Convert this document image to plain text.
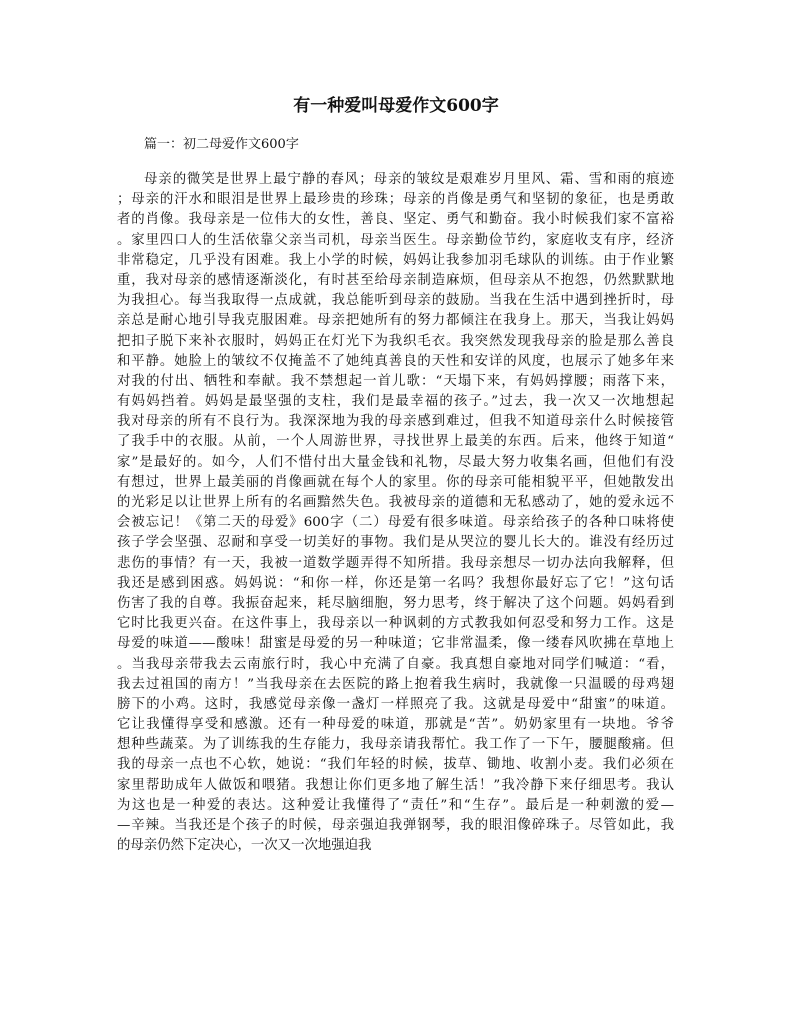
有一种爱叫母爱作文600字

篇一：初二母爱作文600字

母亲的微笑是世界上最宁静的春风；母亲的皱纹是艰难岁月里风、霜、雪和雨的痕迹
；母亲的汗水和眼泪是世界上最珍贵的珍珠；母亲的肖像是勇气和坚韧的象征，也是勇敢
者的肖像。我母亲是一位伟大的女性，善良、坚定、勇气和勤奋。我小时候我们家不富裕
。家里四口人的生活依靠父亲当司机，母亲当医生。母亲勤俭节约，家庭收支有序，经济
非常稳定，几乎没有困难。我上小学的时候，妈妈让我参加羽毛球队的训练。由于作业繁
重，我对母亲的感情逐渐淡化，有时甚至给母亲制造麻烦，但母亲从不抱怨，仍然默默地
为我担心。每当我取得一点成就，我总能听到母亲的鼓励。当我在生活中遇到挫折时，母
亲总是耐心地引导我克服困难。母亲把她所有的努力都倾注在我身上。那天，当我让妈妈
把扣子脱下来补衣服时，妈妈正在灯光下为我织毛衣。我突然发现我母亲的脸是那么善良
和平静。她脸上的皱纹不仅掩盖不了她纯真善良的天性和安详的风度，也展示了她多年来
对我的付出、牺牲和奉献。我不禁想起一首儿歌：“天塌下来，有妈妈撑腰；雨落下来，
有妈妈挡着。妈妈是最坚强的支柱，我们是最幸福的孩子。”过去，我一次又一次地想起
我对母亲的所有不良行为。我深深地为我的母亲感到难过，但我不知道母亲什么时候接管
了我手中的衣服。从前，一个人周游世界，寻找世界上最美的东西。后来，他终于知道“
家”是最好的。如今，人们不惜付出大量金钱和礼物，尽最大努力收集名画，但他们有没
有想过，世界上最美丽的肖像画就在每个人的家里。你的母亲可能相貌平平，但她散发出
的光彩足以让世界上所有的名画黯然失色。我被母亲的道德和无私感动了，她的爱永远不
会被忘记！《第二天的母爱》600字（二）母爱有很多味道。母亲给孩子的各种口味将使
孩子学会坚强、忍耐和享受一切美好的事物。我们是从哭泣的婴儿长大的。谁没有经历过
悲伤的事情？有一天，我被一道数学题弄得不知所措。我母亲想尽一切办法向我解释，但
我还是感到困惑。妈妈说：“和你一样，你还是第一名吗？我想你最好忘了它！”这句话
伤害了我的自尊。我振奋起来，耗尽脑细胞，努力思考，终于解决了这个问题。妈妈看到
它时比我更兴奋。在这件事上，我母亲以一种讽刺的方式教我如何忍受和努力工作。这是
母爱的味道——酸味！甜蜜是母爱的另一种味道；它非常温柔，像一缕春风吹拂在草地上
。当我母亲带我去云南旅行时，我心中充满了自豪。我真想自豪地对同学们喊道：“看，
我去过祖国的南方！”当我母亲在去医院的路上抱着我生病时，我就像一只温暖的母鸡翅
膀下的小鸡。这时，我感觉母亲像一盏灯一样照亮了我。这就是母爱中“甜蜜”的味道。
它让我懂得享受和感激。还有一种母爱的味道，那就是“苦”。奶奶家里有一块地。爷爷
想种些蔬菜。为了训练我的生存能力，我母亲请我帮忙。我工作了一下午，腰腿酸痛。但
我的母亲一点也不心软，她说：“我们年轻的时候，拔草、锄地、收割小麦。我们必须在
家里帮助成年人做饭和喂猪。我想让你们更多地了解生活！”我冷静下来仔细思考。我认
为这也是一种爱的表达。这种爱让我懂得了“责任”和“生存”。最后是一种刺激的爱—
—辛辣。当我还是个孩子的时候，母亲强迫我弹钢琴，我的眼泪像碎珠子。尽管如此，我
的母亲仍然下定决心，一次又一次地强迫我
